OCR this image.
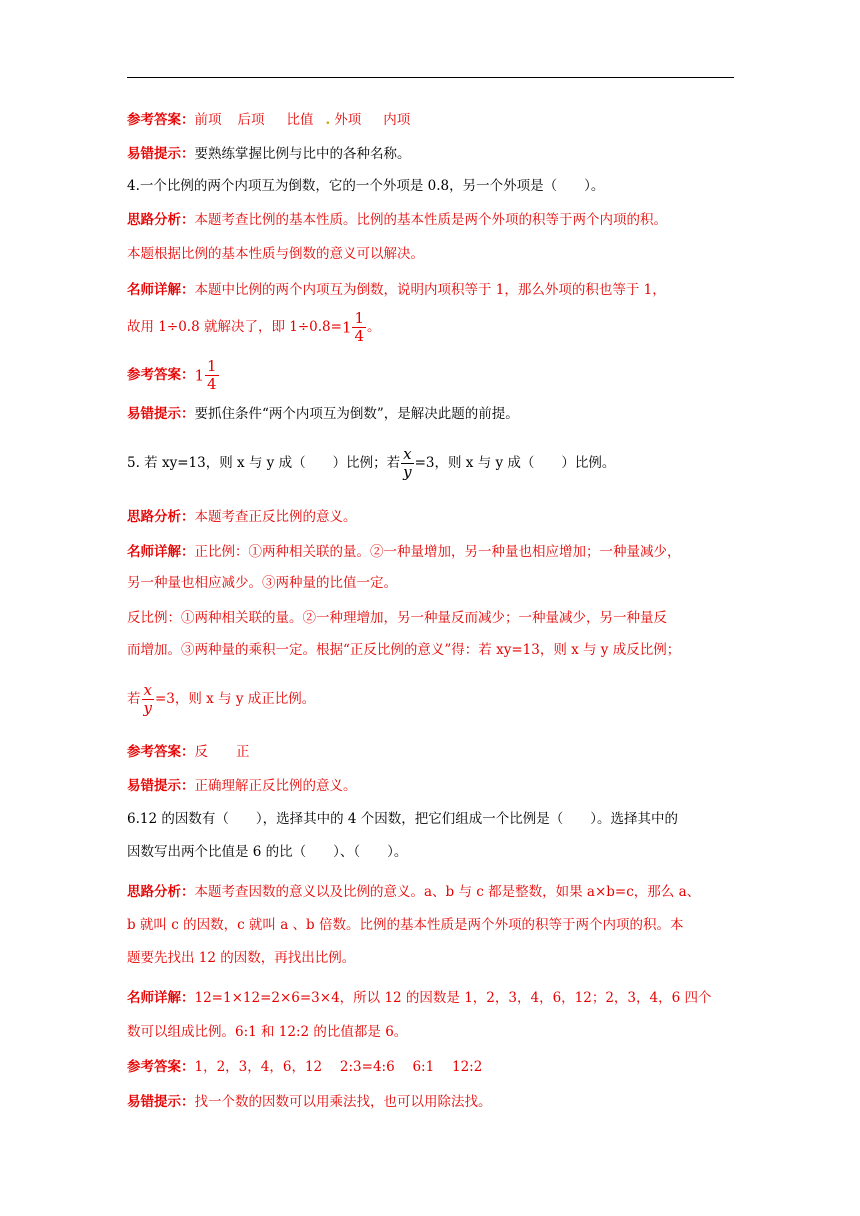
参考答案：前项 后项 比值 . 外项 内项
易错提示：要熟练掌握比例与比中的各种名称。
4.一个比例的两个内项互为倒数，它的一个外项是 0.8，另一个外项是（　　）。
思路分析：本题考查比例的基本性质。比例的基本性质是两个外项的积等于两个内项的积。
本题根据比例的基本性质与倒数的意义可以解决。
名师详解：本题中比例的两个内项互为倒数，说明内项积等于 1，那么外项的积也等于 1，
故用 1÷0.8 就解决了，即 $1\div 0.8=1 \frac{1}{4}$ 。
参考答案：$1 \frac{1}{4}$
易错提示：要抓住条件“两个内项互为倒数”，是解决此题的前提。
5. 若 xy=13，则 x 与 y 成（　　）比例；若 $\frac{x}{y} =3$，则 x 与 y 成（　　）比例。
思路分析：本题考查正反比例的意义。
名师详解：正比例：①两种相关联的量。②一种量增加，另一种量也相应增加；一种量减少，
另一种量也相应减少。③两种量的比值一定。
反比例：①两种相关联的量。②一种理增加，另一种量反而减少；一种量减少，另一种量反
而增加。③两种量的乘积一定。根据“正反比例的意义”得：若 xy=13，则 x 与 y 成反比例；
若 $\frac{x}{y} =3$，则 x 与 y 成正比例。
参考答案：反 正
易错提示：正确理解正反比例的意义。
6.12 的因数有（　　），选择其中的 4 个因数，把它们组成一个比例是（　　）。选择其中的
因数写出两个比值是 6 的比（　　）、（　　）。
思路分析：本题考查因数的意义以及比例的意义。a、b 与 c 都是整数，如果 a×b=c，那么 a、
b 就叫 c 的因数，c 就叫 a 、b 倍数。比例的基本性质是两个外项的积等于两个内项的积。本
题要先找出 12 的因数，再找出比例。
名师详解：12=1×12=2×6=3×4，所以 12 的因数是 1，2，3，4，6，12；2，3，4，6 四个
数可以组成比例。6:1 和 12:2 的比值都是 6。
参考答案：1，2，3，4，6，12　 2:3=4:6　 6:1　 12:2
易错提示：找一个数的因数可以用乘法找，也可以用除法找。
